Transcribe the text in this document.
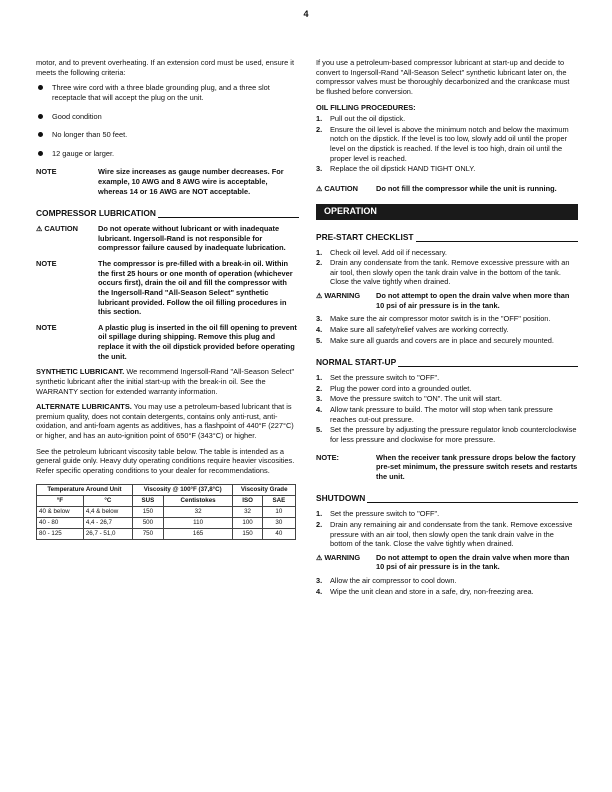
4

motor, and to prevent overheating. If an extension cord must be used, ensure it meets the following criteria:

Three wire cord with a three blade grounding plug, and a three slot receptacle that will accept the plug on the unit.
Good condition
No longer than 50 feet.
12 gauge or larger.
NOTE	Wire size increases as gauge number decreases. For example, 10 AWG and 8 AWG wire is acceptable, whereas 14 or 16 AWG are NOT acceptable.
COMPRESSOR LUBRICATION
⚠ CAUTION	Do not operate without lubricant or with inadequate lubricant. Ingersoll-Rand is not responsible for compressor failure caused by inadequate lubrication.
NOTE	The compressor is pre-filled with a break-in oil. Within the first 25 hours or one month of operation (whichever occurs first), drain the oil and fill the compressor with the Ingersoll-Rand "All-Season Select" synthetic lubricant provided. Follow the oil filling procedures in this section.
NOTE	A plastic plug is inserted in the oil fill opening to prevent oil spillage during shipping. Remove this plug and replace it with the oil dipstick provided before operating the unit.

SYNTHETIC LUBRICANT. We recommend Ingersoll-Rand "All-Season Select" synthetic lubricant after the initial start-up with the break-in oil. See the WARRANTY section for extended warranty information.

ALTERNATE LUBRICANTS. You may use a petroleum-based lubricant that is premium quality, does not contain detergents, contains only anti-rust, anti-oxidation, and anti-foam agents as additives, has a flashpoint of 440°F (227°C) or higher, and has an auto-ignition point of 650°F (343°C) or higher.

See the petroleum lubricant viscosity table below. The table is intended as a general guide only. Heavy duty operating conditions require heavier viscosities. Refer specific operating conditions to your dealer for recommendations.

Temperature Around Unit		Viscosity @ 100°F (37,8°C)		Viscosity Grade	
°F	°C	SUS	Centistokes	ISO	SAE
40 & below	4,4 & below	150	32	32	10
40 - 80	4,4 - 26,7	500	110	100	30
80 - 125	26,7 - 51,0	750	165	150	40

If you use a petroleum-based compressor lubricant at start-up and decide to convert to Ingersoll-Rand "All-Season Select" synthetic lubricant later on, the compressor valves must be thoroughly decarbonized and the crankcase must be flushed before conversion.

OIL FILLING PROCEDURES:
1.	Pull out the oil dipstick.
2.	Ensure the oil level is above the minimum notch and below the maximum notch on the dipstick. If the level is too low, slowly add oil until the proper level on the dipstick is reached. If the level is too high, drain oil until the proper level is reached.
3.	Replace the oil dipstick HAND TIGHT ONLY.
⚠ CAUTION	Do not fill the compressor while the unit is running.
OPERATION
PRE-START CHECKLIST
1.	Check oil level. Add oil if necessary.
2.	Drain any condensate from the tank. Remove excessive pressure with an air tool, then slowly open the tank drain valve in the bottom of the tank. Close the valve tightly when drained.
⚠ WARNING	Do not attempt to open the drain valve when more than 10 psi of air pressure is in the tank.
3.	Make sure the air compressor motor switch is in the "OFF" position.
4.	Make sure all safety/relief valves are working correctly.
5.	Make sure all guards and covers are in place and securely mounted.
NORMAL START-UP
1.	Set the pressure switch to "OFF".
2.	Plug the power cord into a grounded outlet.
3.	Move the pressure switch to "ON". The unit will start.
4.	Allow tank pressure to build. The motor will stop when tank pressure reaches cut-out pressure.
5.	Set the pressure by adjusting the pressure regulator knob counterclockwise for less pressure and clockwise for more pressure.
NOTE:	When the receiver tank pressure drops below the factory pre-set minimum, the pressure switch resets and restarts the unit.
SHUTDOWN
1.	Set the pressure switch to "OFF".
2.	Drain any remaining air and condensate from the tank. Remove excessive pressure with an air tool, then slowly open the tank drain valve in the bottom of the tank. Close the valve tightly when drained.
⚠ WARNING	Do not attempt to open the drain valve when more than 10 psi of air pressure is in the tank.
3.	Allow the air compressor to cool down.
4.	Wipe the unit clean and store in a safe, dry, non-freezing area.
